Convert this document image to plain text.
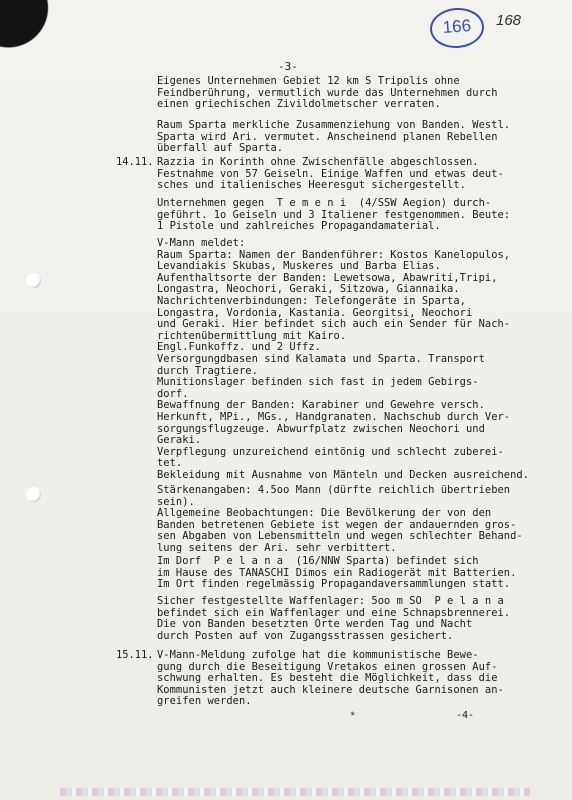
166	168
-3-
Eigenes Unternehmen Gebiet 12 km S Tripolis ohne
Feindberührung, vermutlich wurde das Unternehmen durch
einen griechischen Zivildolmetscher verraten.
Raum Sparta merkliche Zusammenziehung von Banden. Westl.
Sparta wird Ari. vermutet. Anscheinend planen Rebellen
überfall auf Sparta.
14.11. Razzia in Korinth ohne Zwischenfälle abgeschlossen.
Festnahme von 57 Geiseln. Einige Waffen und etwas deut-
sches und italienisches Heeresgut sichergestellt.
Unternehmen gegen  T e m e n i  (4/SSW Aegion) durch-
geführt. 1o Geiseln und 3 Italiener festgenommen. Beute:
1 Pistole und zahlreiches Propagandamaterial.
V-Mann meldet:
Raum Sparta: Namen der Bandenführer: Kostos Kanelopulos,
Levandiakis Skubas, Muskeres und Barba Elias.
Aufenthaltsorte der Banden: Lewetsowa, Abawriti,Tripi,
Longastra, Neochori, Geraki, Sitzowa, Giannaika.
Nachrichtenverbindungen: Telefongeräte in Sparta,
Longastra, Vordonia, Kastania. Georgitsi, Neochori
und Geraki. Hier befindet sich auch ein Sender für Nach-
richtenübermittlung mit Kairo.
Engl.Funkoffz. und 2 Uffz.
Versorgungdbasen sind Kalamata und Sparta. Transport
durch Tragtiere.
Munitionslager befinden sich fast in jedem Gebirgs-
dorf.
Bewaffnung der Banden: Karabiner und Gewehre versch.
Herkunft, MPi., MGs., Handgranaten. Nachschub durch Ver-
sorgungsflugzeuge. Abwurfplatz zwischen Neochori und
Geraki.
Verpflegung unzureichend eintönig und schlecht zuberei-
tet.
Bekleidung mit Ausnahme von Mänteln und Decken ausreichend.
Stärkenangaben: 4.5oo Mann (dürfte reichlich übertrieben
sein).
Allgemeine Beobachtungen: Die Bevölkerung der von den
Banden betretenen Gebiete ist wegen der andauernden gros-
sen Abgaben von Lebensmitteln und wegen schlechter Behand-
lung seitens der Ari. sehr verbittert.
Im Dorf  P e l a n a  (16/NNW Sparta) befindet sich
im Hause des TANASCHI Dimos ein Radiogerät mit Batterien.
Im Ort finden regelmässig Propagandaversammlungen statt.
Sicher festgestellte Waffenlager: 5oo m SO  P e l a n a
befindet sich ein Waffenlager und eine Schnapsbrennerei.
Die von Banden besetzten Orte werden Tag und Nacht
durch Posten auf von Zugangsstrassen gesichert.
15.11. V-Mann-Meldung zufolge hat die kommunistische Bewe-
gung durch die Beseitigung Vretakos einen grossen Auf-
schwung erhalten. Es besteht die Möglichkeit, dass die
Kommunisten jetzt auch kleinere deutsche Garnisonen an-
greifen werden.
*	-4-
